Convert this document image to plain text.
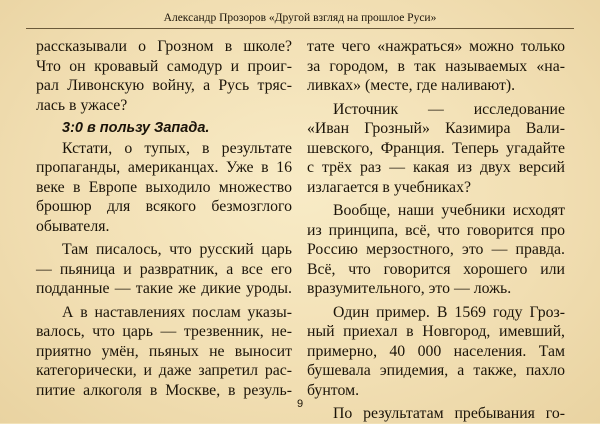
Александр Прозоров «Другой взгляд на прошлое Руси»
рассказывали о Грозном в школе?
Что он кровавый самодур и проиг-
рал Ливонскую войну, а Русь тряс-
лась в ужасе?
3:0 в пользу Запада.
Кстати, о тупых, в результате
пропаганды, американцах. Уже в 16
веке в Европе выходило множество
брошюр для всякого безмозглого
обывателя.
Там писалось, что русский царь
— пьяница и развратник, а все его
подданные — такие же дикие уроды.
А в наставлениях послам указы-
валось, что царь — трезвенник, не-
приятно умён, пьяных не выносит
категорически, и даже запретил рас-
питие алкоголя в Москве, в резуль-
тате чего «нажраться» можно только
за городом, в так называемых «на-
ливках» (месте, где наливают).
Источник — исследование
«Иван Грозный» Казимира Вали-
шевского, Франция. Теперь угадайте
с трёх раз — какая из двух версий
излагается в учебниках?
Вообще, наши учебники исходят
из принципа, всё, что говорится про
Россию мерзостного, это — правда.
Всё, что говорится хорошего или
вразумительного, это — ложь.
Один пример. В 1569 году Гроз-
ный приехал в Новгород, имевший,
примерно, 40 000 населения. Там
бушевала эпидемия, а также, пахло
бунтом.
По результатам пребывания го-
9
